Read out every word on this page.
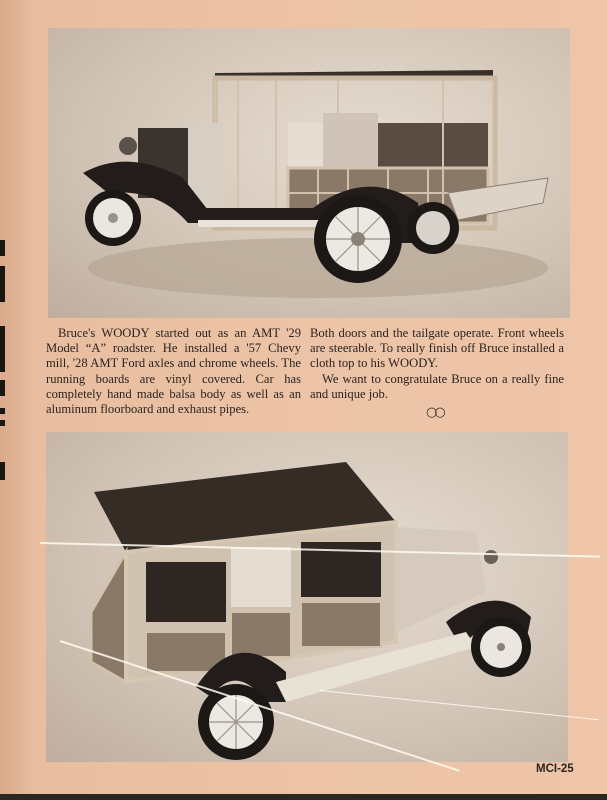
Bruce's WOODY started out as an AMT '29 Model “A” roadster. He installed a '57 Chevy mill, '28 AMT Ford axles and chrome wheels. The running boards are vinyl covered. Car has completely hand made balsa body as well as an aluminum floorboard and exhaust pipes.

Both doors and the tailgate operate. Front wheels are steerable. To really finish off Bruce installed a cloth top to his WOODY.

We want to congratulate Bruce on a really fine and unique job.

○○
MCI-25
